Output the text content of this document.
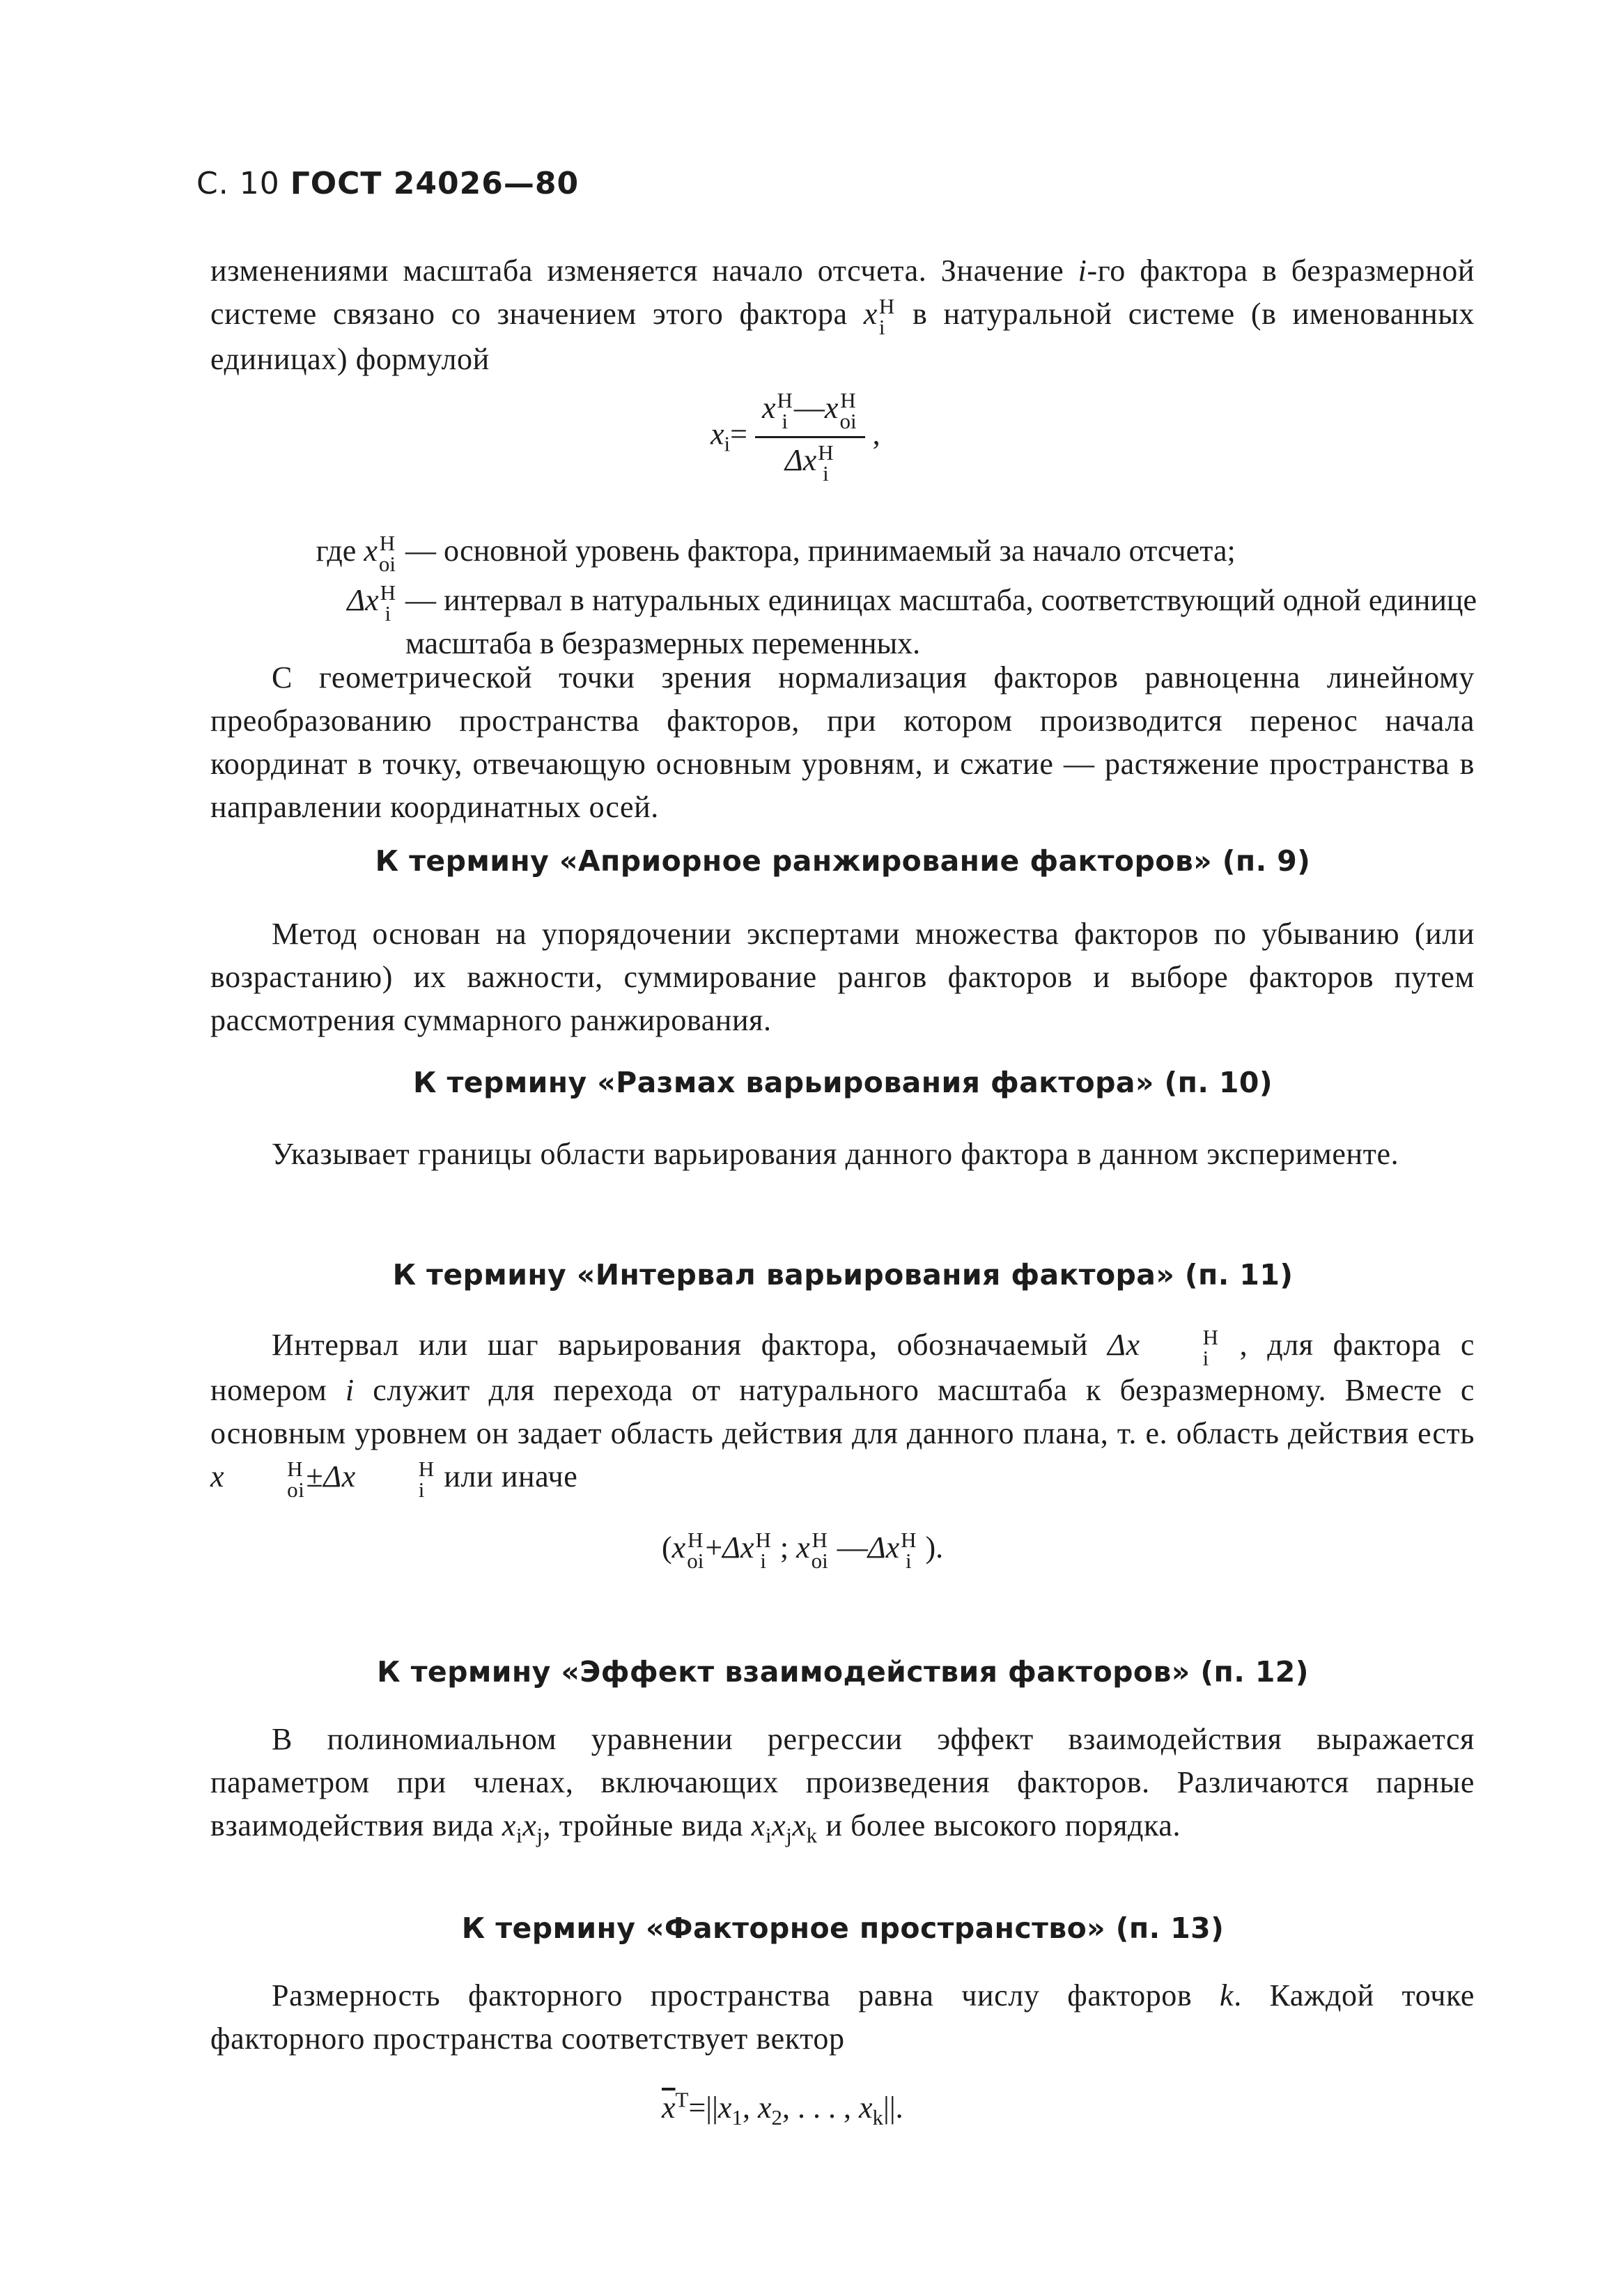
С. 10 ГОСТ 24026—80

изменениями масштаба изменяется начало отсчета. Значение i-го фактора в безразмерной системе связано со значением этого фактора x Н
i в натуральной системе (в именованных единицах) формулой

$x_i= x$ Н
i —x Н
oi
Δx Н
i ,
где x Н
oi — основной уровень фактора, принимаемый за начало отсчета;
Δx Н
i — интервал в натуральных единицах масштаба, соответствующий одной единице масштаба в безразмерных переменных.

С геометрической точки зрения нормализация факторов равноценна линейному преобразованию пространства факторов, при котором производится перенос начала координат в точку, отвечающую основным уровням, и сжатие — растяжение пространства в направлении координатных осей.

К термину «Априорное ранжирование факторов» (п. 9)

Метод основан на упорядочении экспертами множества факторов по убыванию (или возрастанию) их важности, суммирование рангов факторов и выборе факторов путем рассмотрения суммарного ранжирования.

К термину «Размах варьирования фактора» (п. 10)

Указывает границы области варьирования данного фактора в данном эксперименте.

К термину «Интервал варьирования фактора» (п. 11)

Интервал или шаг варьирования фактора, обозначаемый Δx	Н
i , для фактора с номером i служит для перехода от натурального масштаба к безразмерному. Вместе с основным уровнем он задает область действия для данного плана, т. е. область действия есть x	Н
oi ±Δx	Н
i или иначе

(x Н
oi +Δx Н
i ; x Н
oi —Δx Н
i ).
К термину «Эффект взаимодействия факторов» (п. 12)

В полиномиальном уравнении регрессии эффект взаимодействия выражается параметром при членах, включающих произведения факторов. Различаются парные взаимодействия вида $x_ix_j$, тройные вида $x_ix_jx_k$ и более высокого порядка.

К термину «Факторное пространство» (п. 13)

Размерность факторного пространства равна числу факторов k. Каждой точке факторного пространства соответствует вектор

$\overline{x}^T=||x_1$, $x_2$, . . . , $x_k||$.
